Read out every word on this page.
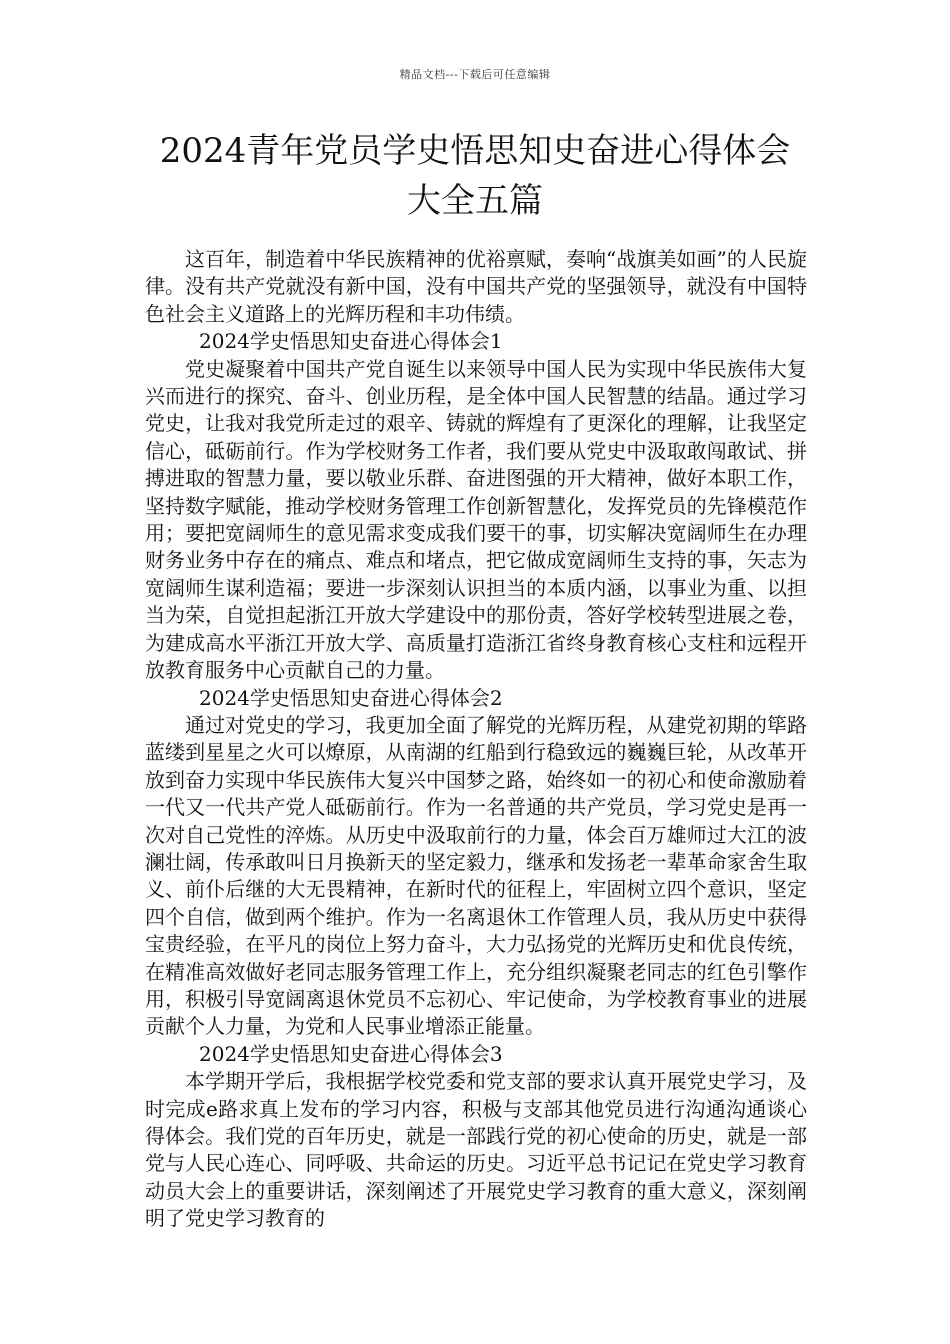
精品文档---下载后可任意编辑
2024青年党员学史悟思知史奋进心得体会
大全五篇

这百年，制造着中华民族精神的优裕禀赋，奏响“战旗美如画”的人民旋律。没有共产党就没有新中国，没有中国共产党的坚强领导，就没有中国特色社会主义道路上的光辉历程和丰功伟绩。

2024学史悟思知史奋进心得体会1

党史凝聚着中国共产党自诞生以来领导中国人民为实现中华民族伟大复兴而进行的探究、奋斗、创业历程，是全体中国人民智慧的结晶。通过学习党史，让我对我党所走过的艰辛、铸就的辉煌有了更深化的理解，让我坚定信心，砥砺前行。作为学校财务工作者，我们要从党史中汲取敢闯敢试、拼搏进取的智慧力量，要以敬业乐群、奋进图强的开大精神，做好本职工作，坚持数字赋能，推动学校财务管理工作创新智慧化，发挥党员的先锋模范作用；要把宽阔师生的意见需求变成我们要干的事，切实解决宽阔师生在办理财务业务中存在的痛点、难点和堵点，把它做成宽阔师生支持的事，矢志为宽阔师生谋利造福；要进一步深刻认识担当的本质内涵，以事业为重、以担当为荣，自觉担起浙江开放大学建设中的那份责，答好学校转型进展之卷，为建成高水平浙江开放大学、高质量打造浙江省终身教育核心支柱和远程开放教育服务中心贡献自己的力量。

2024学史悟思知史奋进心得体会2

通过对党史的学习，我更加全面了解党的光辉历程，从建党初期的筚路蓝缕到星星之火可以燎原，从南湖的红船到行稳致远的巍巍巨轮，从改革开放到奋力实现中华民族伟大复兴中国梦之路，始终如一的初心和使命激励着一代又一代共产党人砥砺前行。作为一名普通的共产党员，学习党史是再一次对自己党性的淬炼。从历史中汲取前行的力量，体会百万雄师过大江的波澜壮阔，传承敢叫日月换新天的坚定毅力，继承和发扬老一辈革命家舍生取义、前仆后继的大无畏精神，在新时代的征程上，牢固树立四个意识，坚定四个自信，做到两个维护。作为一名离退休工作管理人员，我从历史中获得宝贵经验，在平凡的岗位上努力奋斗，大力弘扬党的光辉历史和优良传统，在精准高效做好老同志服务管理工作上，充分组织凝聚老同志的红色引擎作用，积极引导宽阔离退休党员不忘初心、牢记使命，为学校教育事业的进展贡献个人力量，为党和人民事业增添正能量。

2024学史悟思知史奋进心得体会3

本学期开学后，我根据学校党委和党支部的要求认真开展党史学习，及时完成e路求真上发布的学习内容，积极与支部其他党员进行沟通沟通谈心得体会。我们党的百年历史，就是一部践行党的初心使命的历史，就是一部党与人民心连心、同呼吸、共命运的历史。习近平总书记记在党史学习教育动员大会上的重要讲话，深刻阐述了开展党史学习教育的重大意义，深刻阐明了党史学习教育的
